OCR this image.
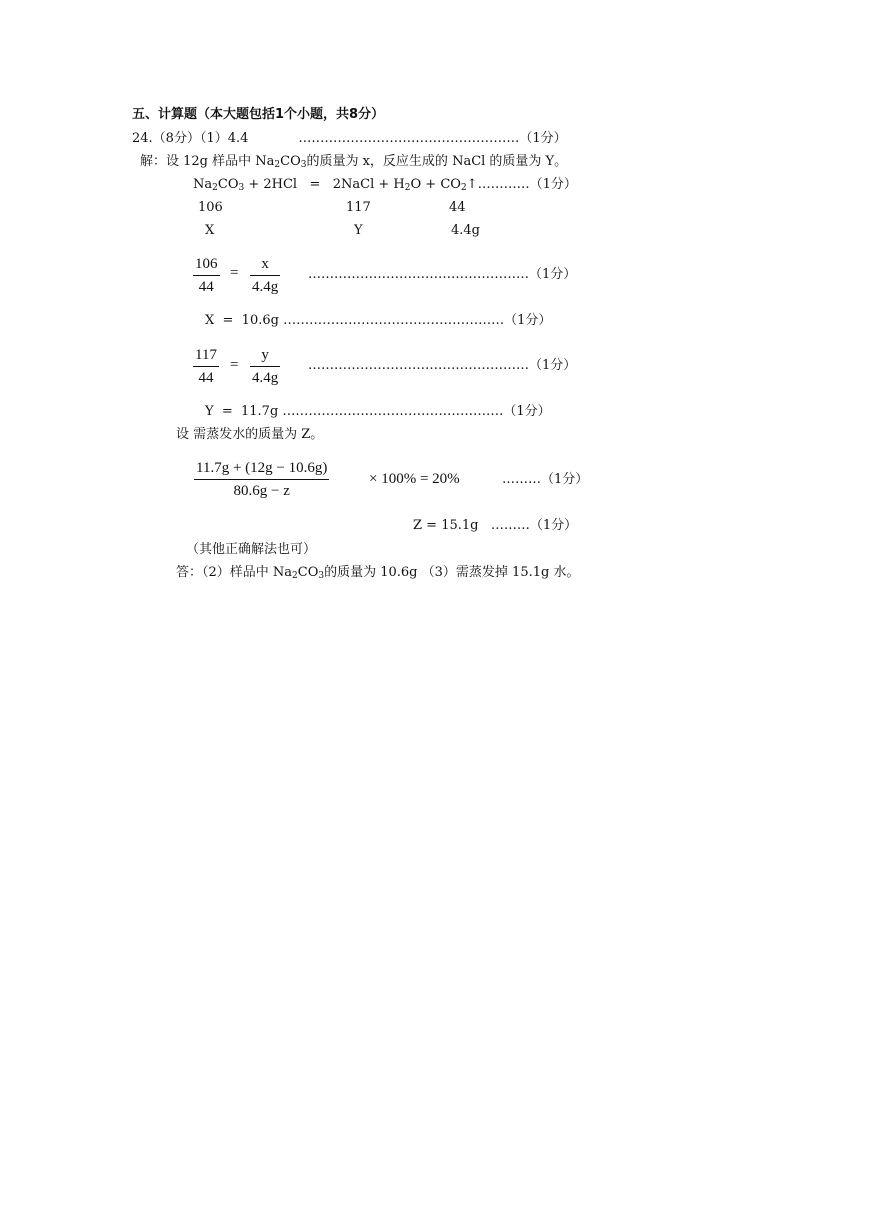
五、计算题（本大题包括1个小题，共8分）
24.（8分）（1）4.4	……………………………………………（1分）
解：设 12g 样品中 $Na_2CO_3$的质量为 x，反应生成的 NaCl 的质量为 Y。
$Na_2CO_3 + 2HCl$   =   2NaCl + $H_2O$ + $CO_2↑\dots\dots\dots\dots(1$分）
106	117	44
X	Y	4.4g
106
44
=
x
4.4g
……………………………………………（1分）
X  =  10.6g ……………………………………………（1分）
117
44
=
y
4.4g
……………………………………………（1分）
Y  =  11.7g ……………………………………………（1分）
设 需蒸发水的质量为 Z。
11.7g + (12g − 10.6g)
80.6g − z
× 100% = 20%	………（1分）
Z = 15.1g   ………（1分）
（其他正确解法也可）
答：（2）样品中 $Na_2CO_3$的质量为 10.6g （3）需蒸发掉 15.1g 水。
